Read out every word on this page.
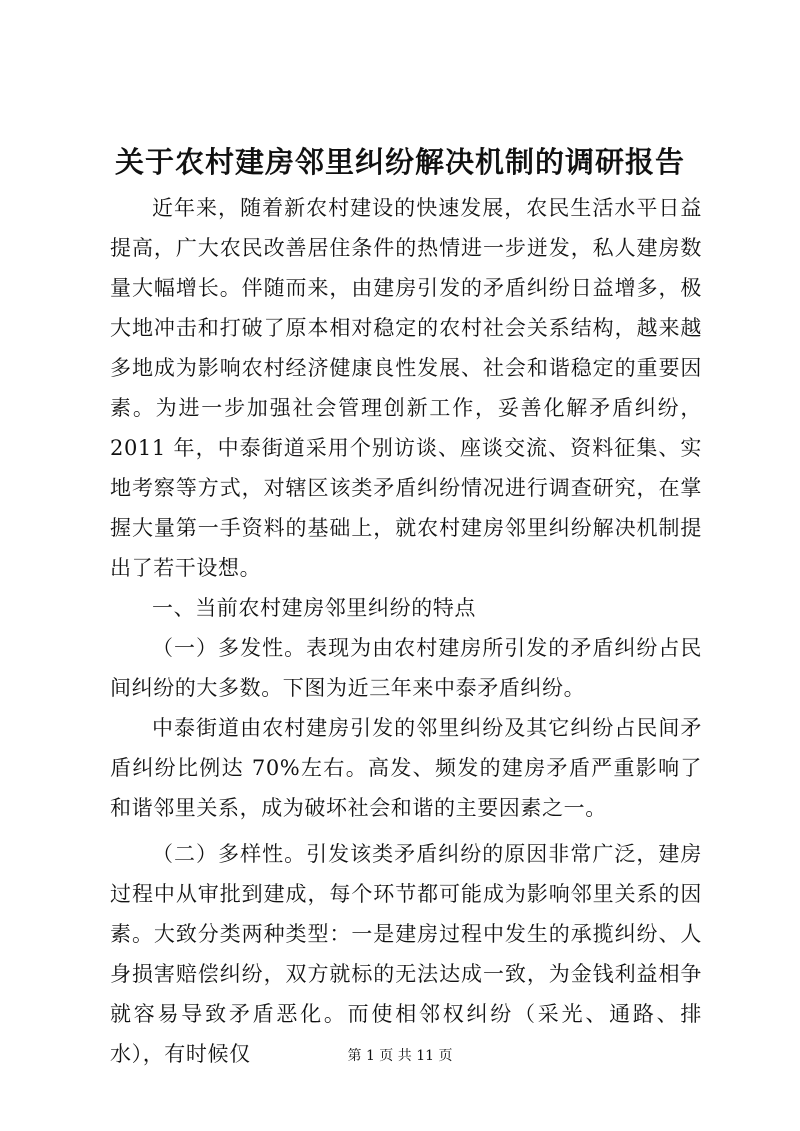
关于农村建房邻里纠纷解决机制的调研报告

近年来，随着新农村建设的快速发展，农民生活水平日益提高，广大农民改善居住条件的热情进一步迸发，私人建房数量大幅增长。伴随而来，由建房引发的矛盾纠纷日益增多，极大地冲击和打破了原本相对稳定的农村社会关系结构，越来越多地成为影响农村经济健康良性发展、社会和谐稳定的重要因素。为进一步加强社会管理创新工作，妥善化解矛盾纠纷，2011 年，中泰街道采用个别访谈、座谈交流、资料征集、实地考察等方式，对辖区该类矛盾纠纷情况进行调查研究，在掌握大量第一手资料的基础上，就农村建房邻里纠纷解决机制提出了若干设想。

一、当前农村建房邻里纠纷的特点

（一）多发性。表现为由农村建房所引发的矛盾纠纷占民间纠纷的大多数。下图为近三年来中泰矛盾纠纷。

中泰街道由农村建房引发的邻里纠纷及其它纠纷占民间矛盾纠纷比例达 70%左右。高发、频发的建房矛盾严重影响了和谐邻里关系，成为破坏社会和谐的主要因素之一。

（二）多样性。引发该类矛盾纠纷的原因非常广泛，建房过程中从审批到建成，每个环节都可能成为影响邻里关系的因素。大致分类两种类型：一是建房过程中发生的承揽纠纷、人身损害赔偿纠纷，双方就标的无法达成一致，为金钱利益相争就容易导致矛盾恶化。而使相邻权纠纷（采光、通路、排水），有时候仅	第 1 页 共 11 页
